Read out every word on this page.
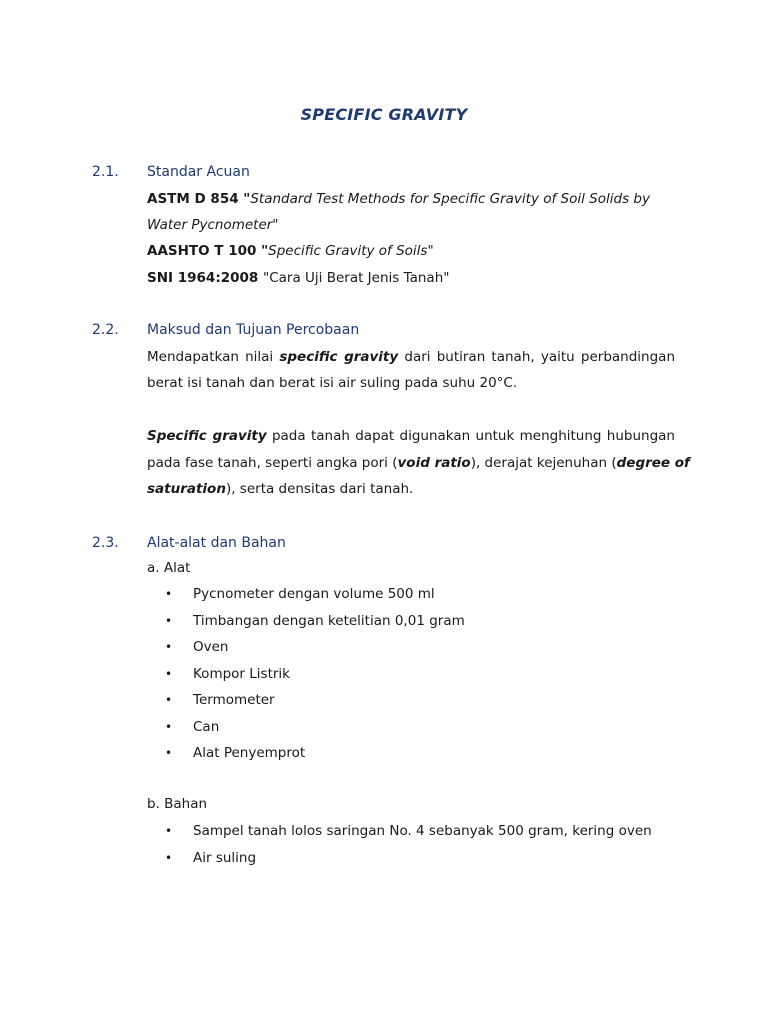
SPECIFIC GRAVITY
2.1. Standar Acuan
ASTM D 854 "Standard Test Methods for Specific Gravity of Soil Solids by
Water Pycnometer"
AASHTO T 100 "Specific Gravity of Soils"
SNI 1964:2008 "Cara Uji Berat Jenis Tanah"
2.2. Maksud dan Tujuan Percobaan
Mendapatkan nilai specific gravity dari butiran tanah, yaitu perbandingan
berat isi tanah dan berat isi air suling pada suhu 20°C.
Specific gravity pada tanah dapat digunakan untuk menghitung hubungan
pada fase tanah, seperti angka pori (void ratio), derajat kejenuhan (degree of
saturation), serta densitas dari tanah.
2.3. Alat-alat dan Bahan
a. Alat
• Pycnometer dengan volume 500 ml
• Timbangan dengan ketelitian 0,01 gram
• Oven
• Kompor Listrik
• Termometer
• Can
• Alat Penyemprot
b. Bahan
• Sampel tanah lolos saringan No. 4 sebanyak 500 gram, kering oven
• Air suling
